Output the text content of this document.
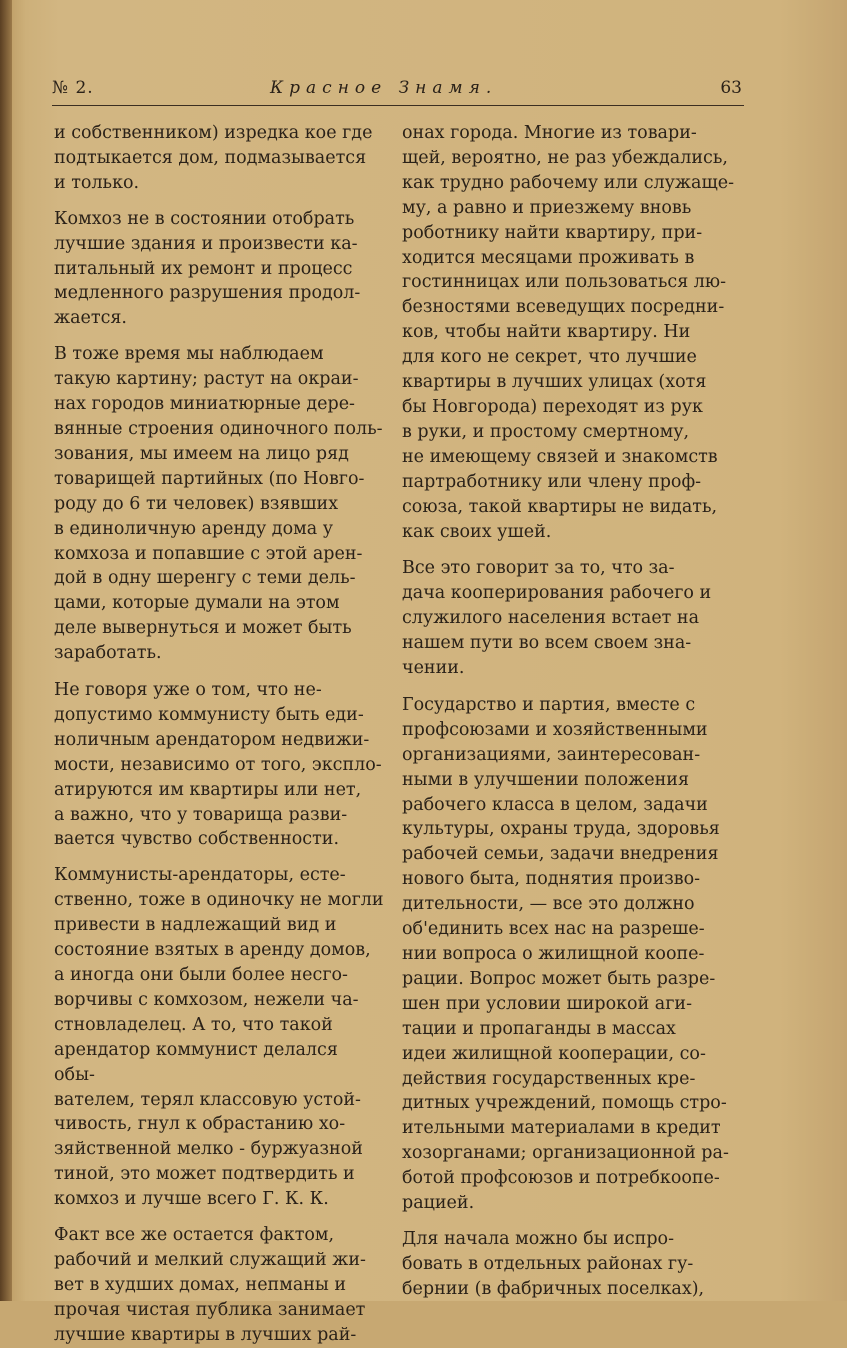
№ 2.	Красное Знамя.	63

и собственником) изредка кое где
подтыкается дом, подмазывается
и только.

Комхоз не в состоянии отобрать
лучшие здания и произвести ка-
питальный их ремонт и процесс
медленного разрушения продол-
жается.

В тоже время мы наблюдаем
такую картину; растут на окраи-
нах городов миниатюрные дере-
вянные строения одиночного поль-
зования, мы имеем на лицо ряд
товарищей партийных (по Новго-
роду до 6 ти человек) взявших
в единоличную аренду дома у
комхоза и попавшие с этой арен-
дой в одну шеренгу с теми дель-
цами, которые думали на этом
деле вывернуться и может быть
заработать.

Не говоря уже о том, что не-
допустимо коммунисту быть еди-
ноличным арендатором недвижи-
мости, независимо от того, экспло-
атируются им квартиры или нет,
а важно, что у товарища разви-
вается чувство собственности.

Коммунисты-арендаторы, есте-
ственно, тоже в одиночку не могли
привести в надлежащий вид и
состояние взятых в аренду домов,
а иногда они были более несго-
ворчивы с комхозом, нежели ча-
стновладелец. А то, что такой
арендатор коммунист делался обы-
вателем, терял классовую устой-
чивость, гнул к обрастанию хо-
зяйственной мелко - буржуазной
тиной, это может подтвердить и
комхоз и лучше всего Г. К. К.

Факт все же остается фактом,
рабочий и мелкий служащий жи-
вет в худших домах, непманы и
прочая чистая публика занимает
лучшие квартиры в лучших рай-

онах города. Многие из товари-
щей, вероятно, не раз убеждались,
как трудно рабочему или служаще-
му, а равно и приезжему вновь
роботнику найти квартиру, при-
ходится месяцами проживать в
гостинницах или пользоваться лю-
безностями всеведущих посредни-
ков, чтобы найти квартиру. Ни
для кого не секрет, что лучшие
квартиры в лучших улицах (хотя
бы Новгорода) переходят из рук
в руки, и простому смертному,
не имеющему связей и знакомств
партработнику или члену проф-
союза, такой квартиры не видать,
как своих ушей.

Все это говорит за то, что за-
дача кооперирования рабочего и
служилого населения встает на
нашем пути во всем своем зна-
чении.

Государство и партия, вместе с
профсоюзами и хозяйственными
организациями, заинтересован-
ными в улучшении положения
рабочего класса в целом, задачи
культуры, охраны труда, здоровья
рабочей семьи, задачи внедрения
нового быта, поднятия произво-
дительности, — все это должно
об'единить всех нас на разреше-
нии вопроса о жилищной коопе-
рации. Вопрос может быть разре-
шен при условии широкой аги-
тации и пропаганды в массах
идеи жилищной кооперации, со-
действия государственных кре-
дитных учреждений, помощь стро-
ительными материалами в кредит
хозорганами; организационной ра-
ботой профсоюзов и потребкоопе-
рацией.

Для начала можно бы испро-
бовать в отдельных районах гу-
бернии (в фабричных поселках),
